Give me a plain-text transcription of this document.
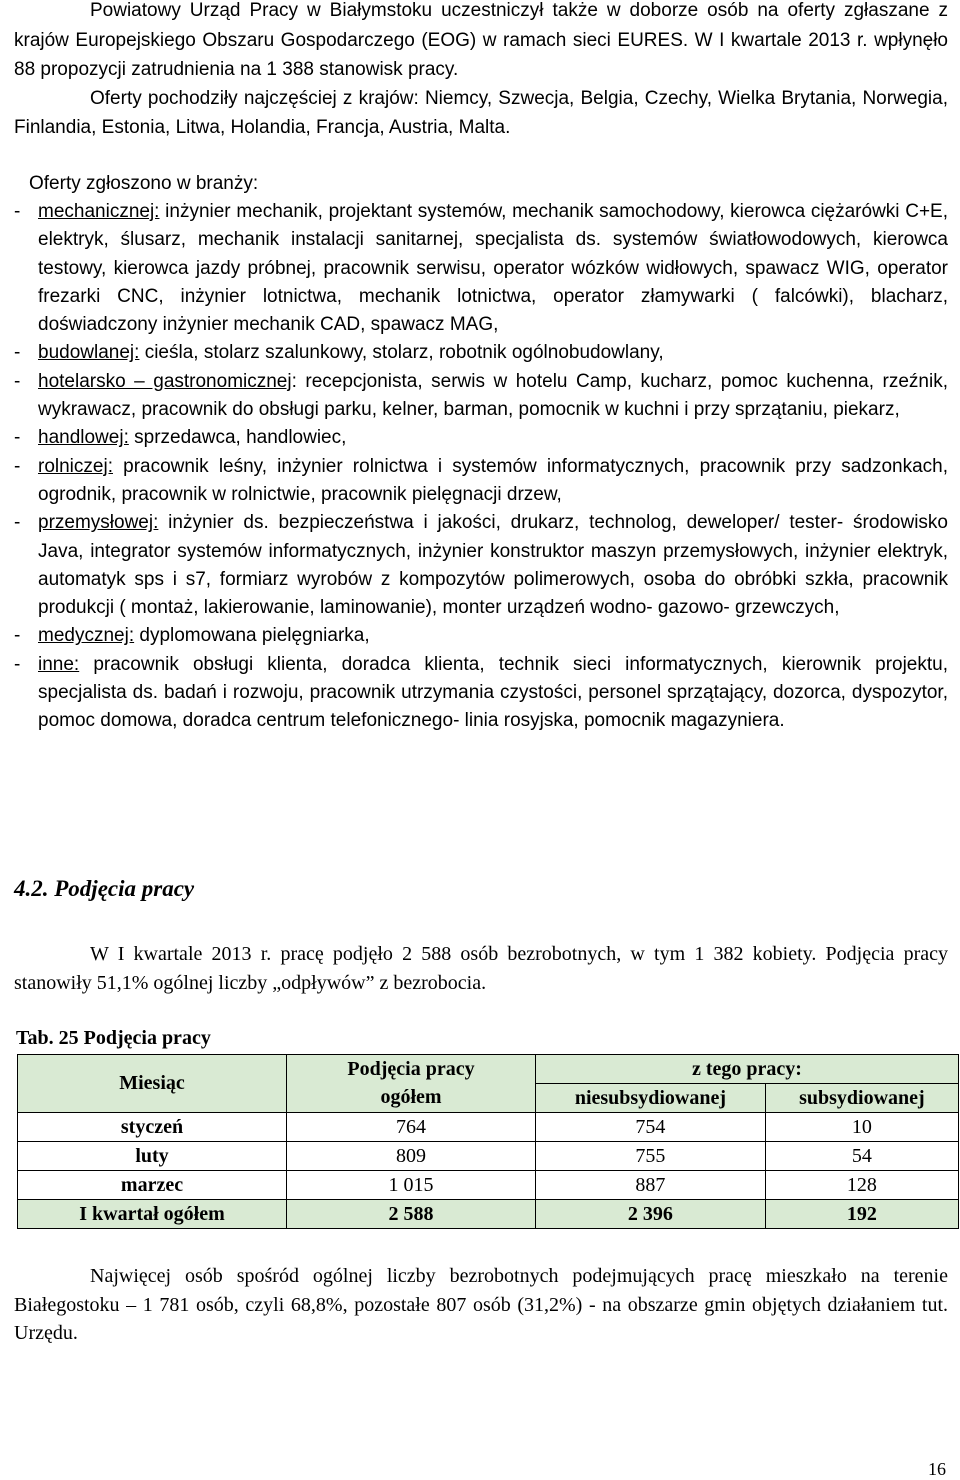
Powiatowy Urząd Pracy w Białymstoku uczestniczył także w doborze osób na oferty zgłaszane z krajów Europejskiego Obszaru Gospodarczego (EOG) w ramach sieci EURES. W I kwartale 2013 r. wpłynęło 88 propozycji zatrudnienia na 1 388 stanowisk pracy.

Oferty pochodziły najczęściej z krajów: Niemcy, Szwecja, Belgia, Czechy, Wielka Brytania, Norwegia, Finlandia, Estonia, Litwa, Holandia, Francja, Austria, Malta.

Oferty zgłoszono w branży:

- mechanicznej: inżynier mechanik, projektant systemów, mechanik samochodowy, kierowca ciężarówki C+E, elektryk, ślusarz, mechanik instalacji sanitarnej, specjalista ds. systemów światłowodowych, kierowca testowy, kierowca jazdy próbnej, pracownik serwisu, operator wózków widłowych, spawacz WIG, operator frezarki CNC, inżynier lotnictwa, mechanik lotnictwa, operator złamywarki ( falcówki), blacharz, doświadczony inżynier mechanik CAD, spawacz MAG,
- budowlanej: cieśla, stolarz szalunkowy, stolarz, robotnik ogólnobudowlany,
- hotelarsko – gastronomicznej: recepcjonista, serwis w hotelu Camp, kucharz, pomoc kuchenna, rzeźnik, wykrawacz, pracownik do obsługi parku, kelner, barman, pomocnik w kuchni i przy sprzątaniu, piekarz,
- handlowej: sprzedawca, handlowiec,
- rolniczej: pracownik leśny, inżynier rolnictwa i systemów informatycznych, pracownik przy sadzonkach, ogrodnik, pracownik w rolnictwie, pracownik pielęgnacji drzew,
- przemysłowej: inżynier ds. bezpieczeństwa i jakości, drukarz, technolog, deweloper/ tester- środowisko Java, integrator systemów informatycznych, inżynier konstruktor maszyn przemysłowych, inżynier elektryk, automatyk sps i s7, formiarz wyrobów z kompozytów polimerowych, osoba do obróbki szkła, pracownik produkcji ( montaż, lakierowanie, laminowanie), monter urządzeń wodno- gazowo- grzewczych,
- medycznej: dyplomowana pielęgniarka,
- inne: pracownik obsługi klienta, doradca klienta, technik sieci informatycznych, kierownik projektu, specjalista ds. badań i rozwoju, pracownik utrzymania czystości, personel sprzątający, dozorca, dyspozytor, pomoc domowa, doradca centrum telefonicznego- linia rosyjska, pomocnik magazyniera.
4.2. Podjęcia pracy

W I kwartale 2013 r. pracę podjęło 2 588 osób bezrobotnych, w tym 1 382 kobiety. Podjęcia pracy stanowiły 51,1% ogólnej liczby „odpływów” z bezrobocia.

Tab. 25 Podjęcia pracy

Miesiąc	Podjęcia pracy	z tego pracy:	
	ogółem	niesubsydiowanej	subsydiowanej
styczeń	764	754	10
luty	809	755	54
marzec	1 015	887	128
I kwartał ogółem	2 588	2 396	192

Najwięcej osób spośród ogólnej liczby bezrobotnych podejmujących pracę mieszkało na terenie Białegostoku – 1 781 osób, czyli 68,8%, pozostałe 807 osób (31,2%) - na obszarze gmin objętych działaniem tut. Urzędu.

16
